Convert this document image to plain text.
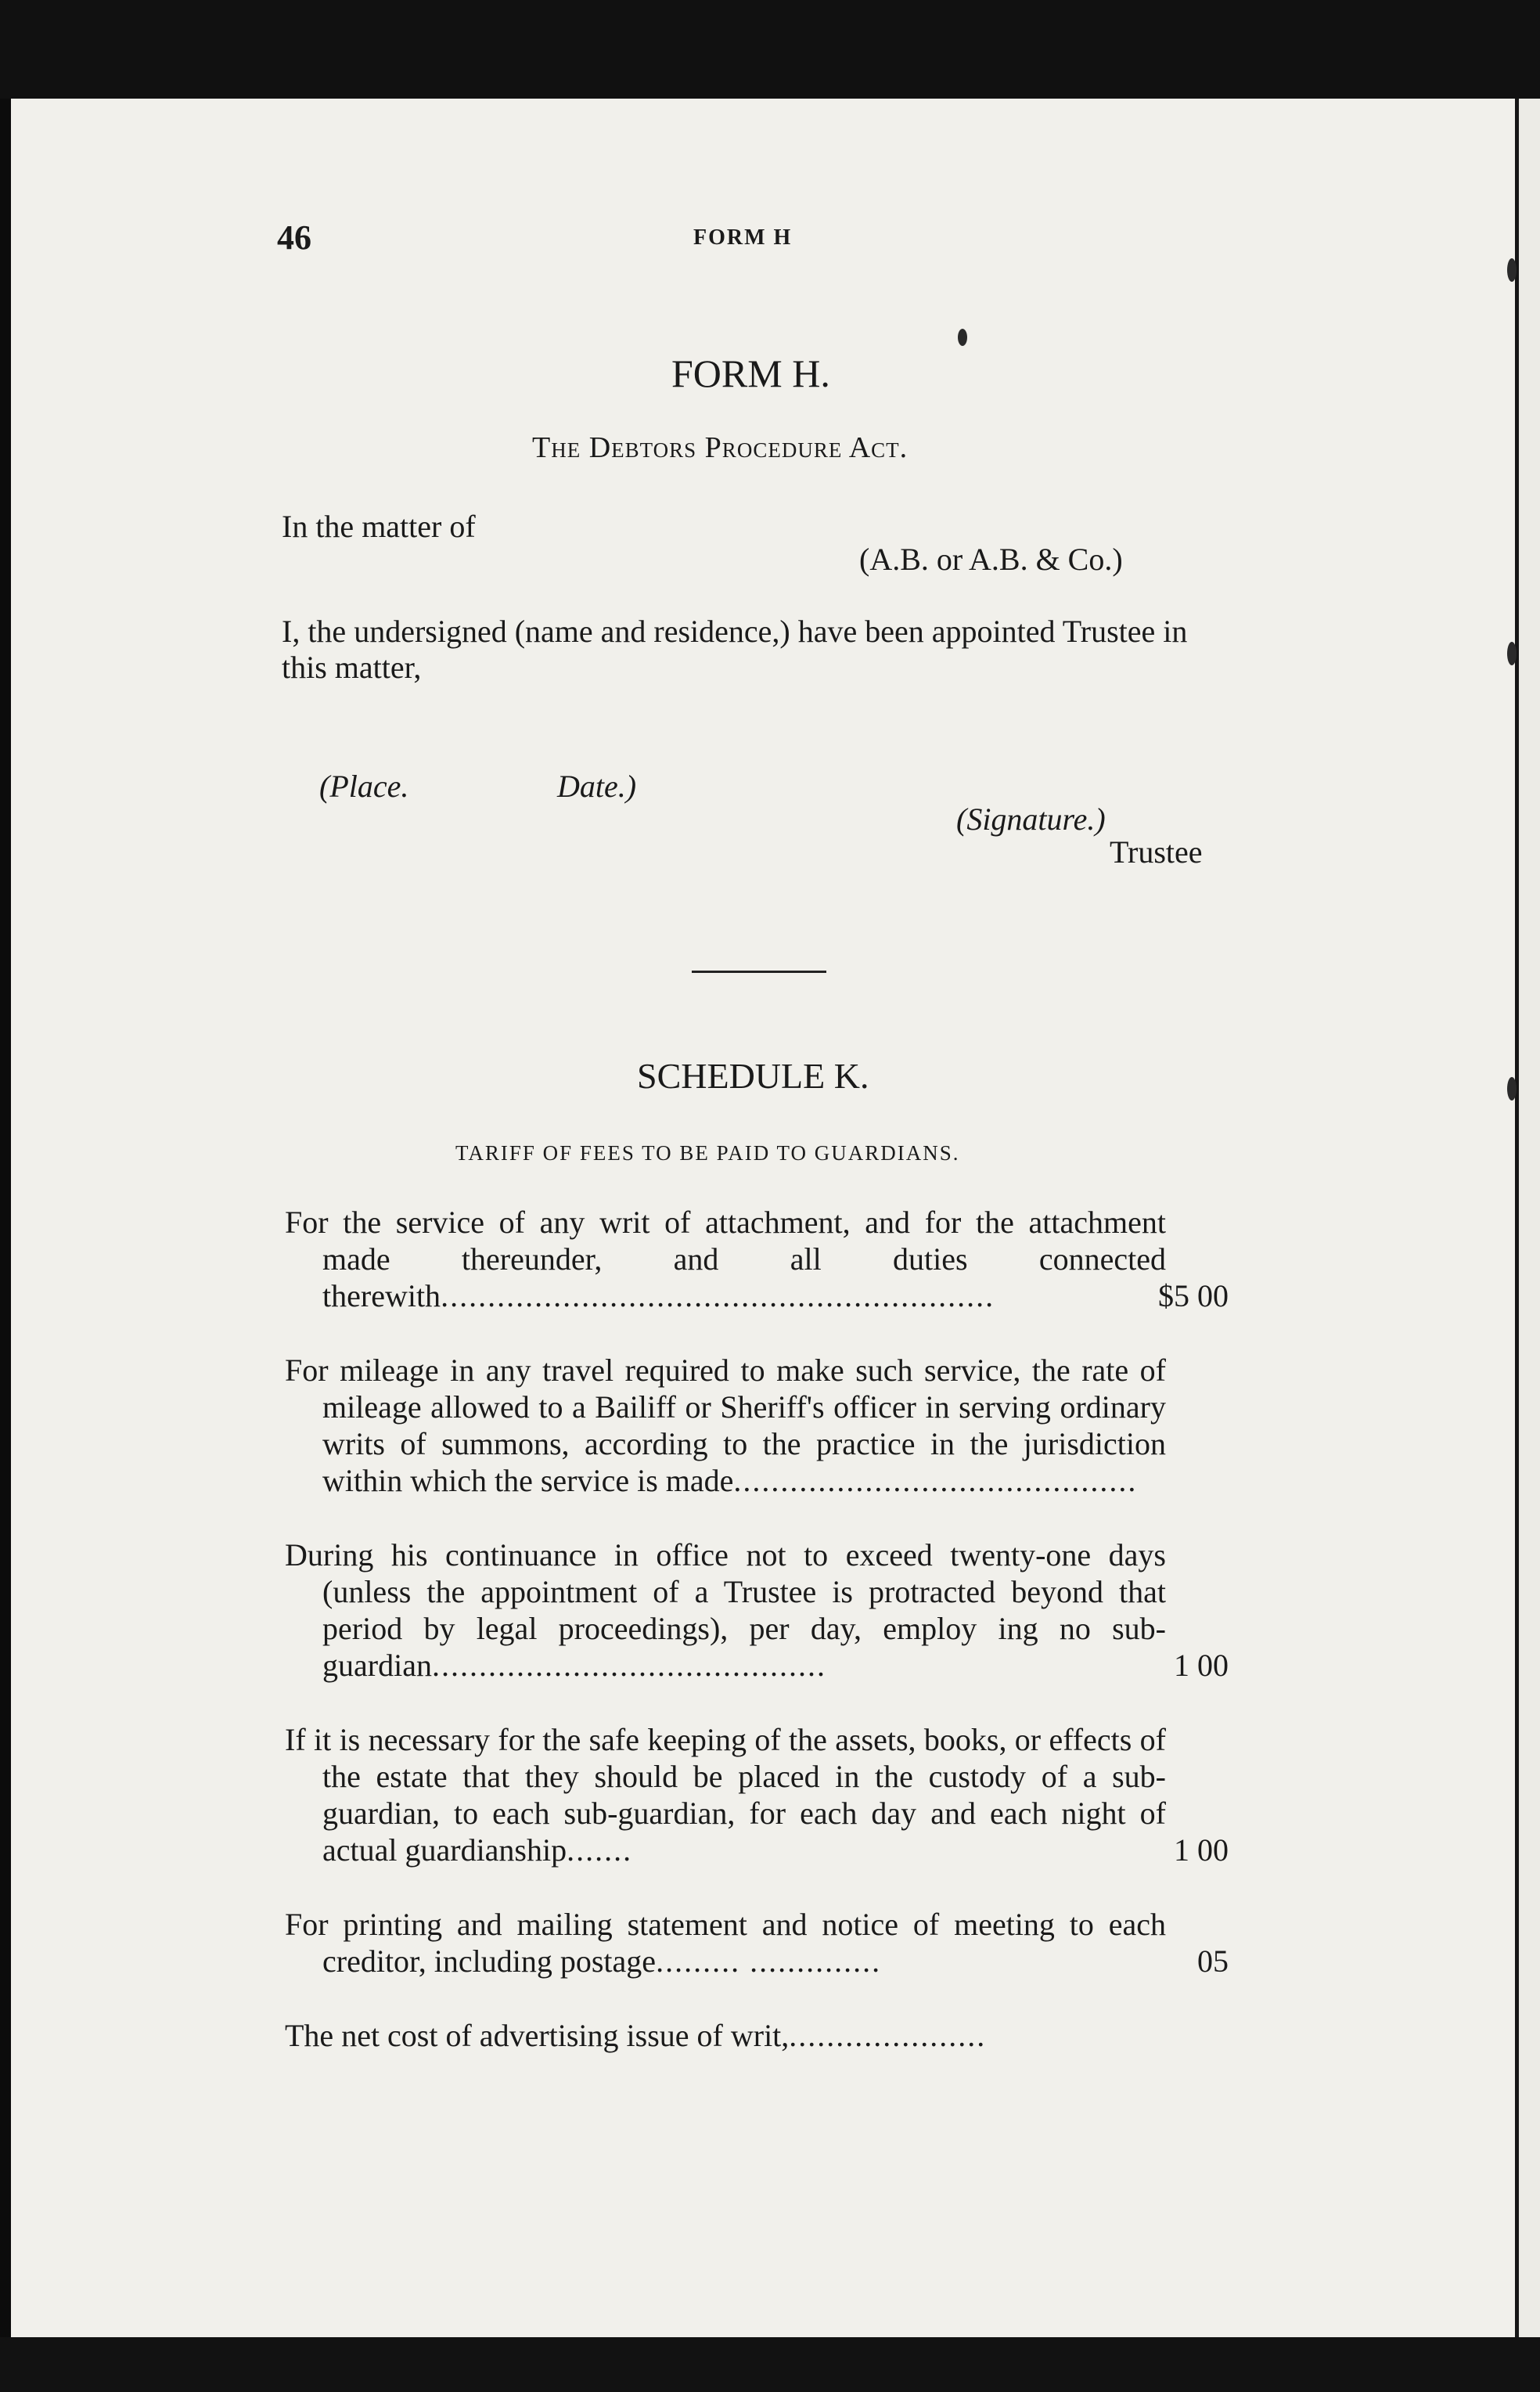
46	FORM H
FORM H.
The Debtors Procedure Act.
In the matter of
(A.B. or A.B. & Co.)
I, the undersigned (name and residence,) have been appointed Trustee in this matter,
(Place.	Date.)
(Signature.)
Trustee
SCHEDULE K.
TARIFF OF FEES TO BE PAID TO GUARDIANS.
For the service of any writ of attachment, and for the attachment made thereunder, and all duties connected therewith...........................................................	$5 00
For mileage in any travel required to make such service, the rate of mileage allowed to a Bailiff or Sheriff's officer in serving ordinary writs of summons, according to the practice in the jurisdiction within which the service is made...........................................
During his continuance in office not to exceed twenty-one days (unless the appointment of a Trustee is protracted beyond that period by legal proceedings), per day, employ ing no sub-guardian..........................................	1 00
If it is necessary for the safe keeping of the assets, books, or effects of the estate that they should be placed in the custody of a sub-guardian, to each sub-guardian, for each day and each night of actual guardianship.......	1 00
For printing and mailing statement and notice of meeting to each creditor, including postage......... ..............	05
The net cost of advertising issue of writ,.....................
